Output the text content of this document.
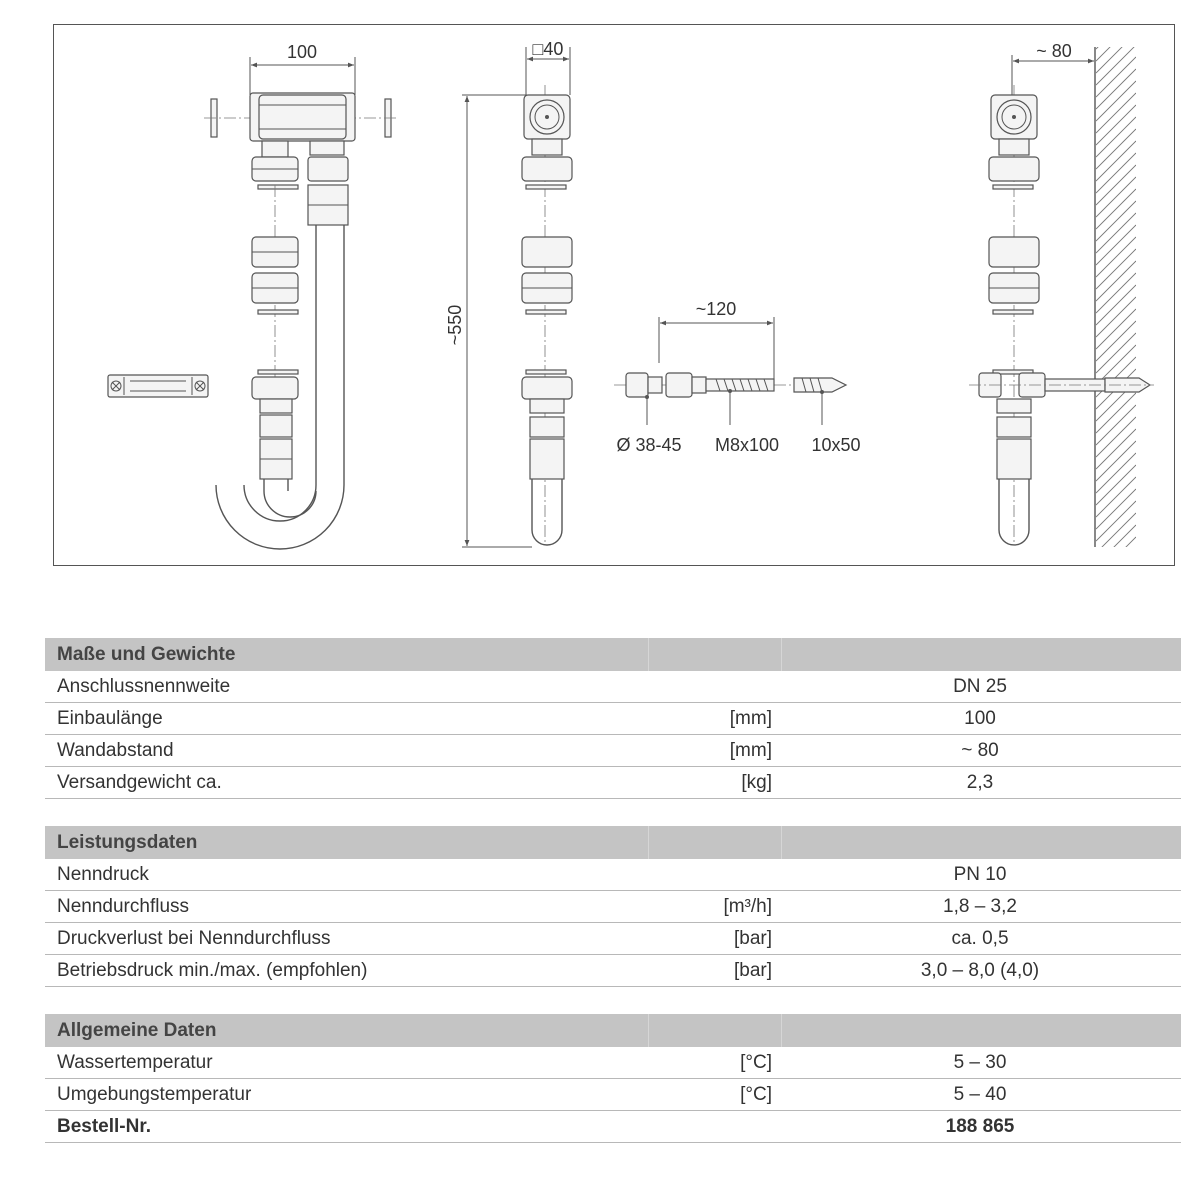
100	□40
~550	~120
Ø 38-45 M8x100 10x50
~ 80
Maße und Gewichte		
Anschlussnennweite		DN 25
Einbaulänge	[mm]	100
Wandabstand	[mm]	~ 80
Versandgewicht ca.	[kg]	2,3
Leistungsdaten		
Nenndruck		PN 10
Nenndurchfluss	[m³/h]	1,8 – 3,2
Druckverlust bei Nenndurchfluss	[bar]	ca. 0,5
Betriebsdruck min./max. (empfohlen)	[bar]	3,0 – 8,0 (4,0)
Allgemeine Daten		
Wassertemperatur	[°C]	5 – 30
Umgebungstemperatur	[°C]	5 – 40
Bestell-Nr.		188 865
